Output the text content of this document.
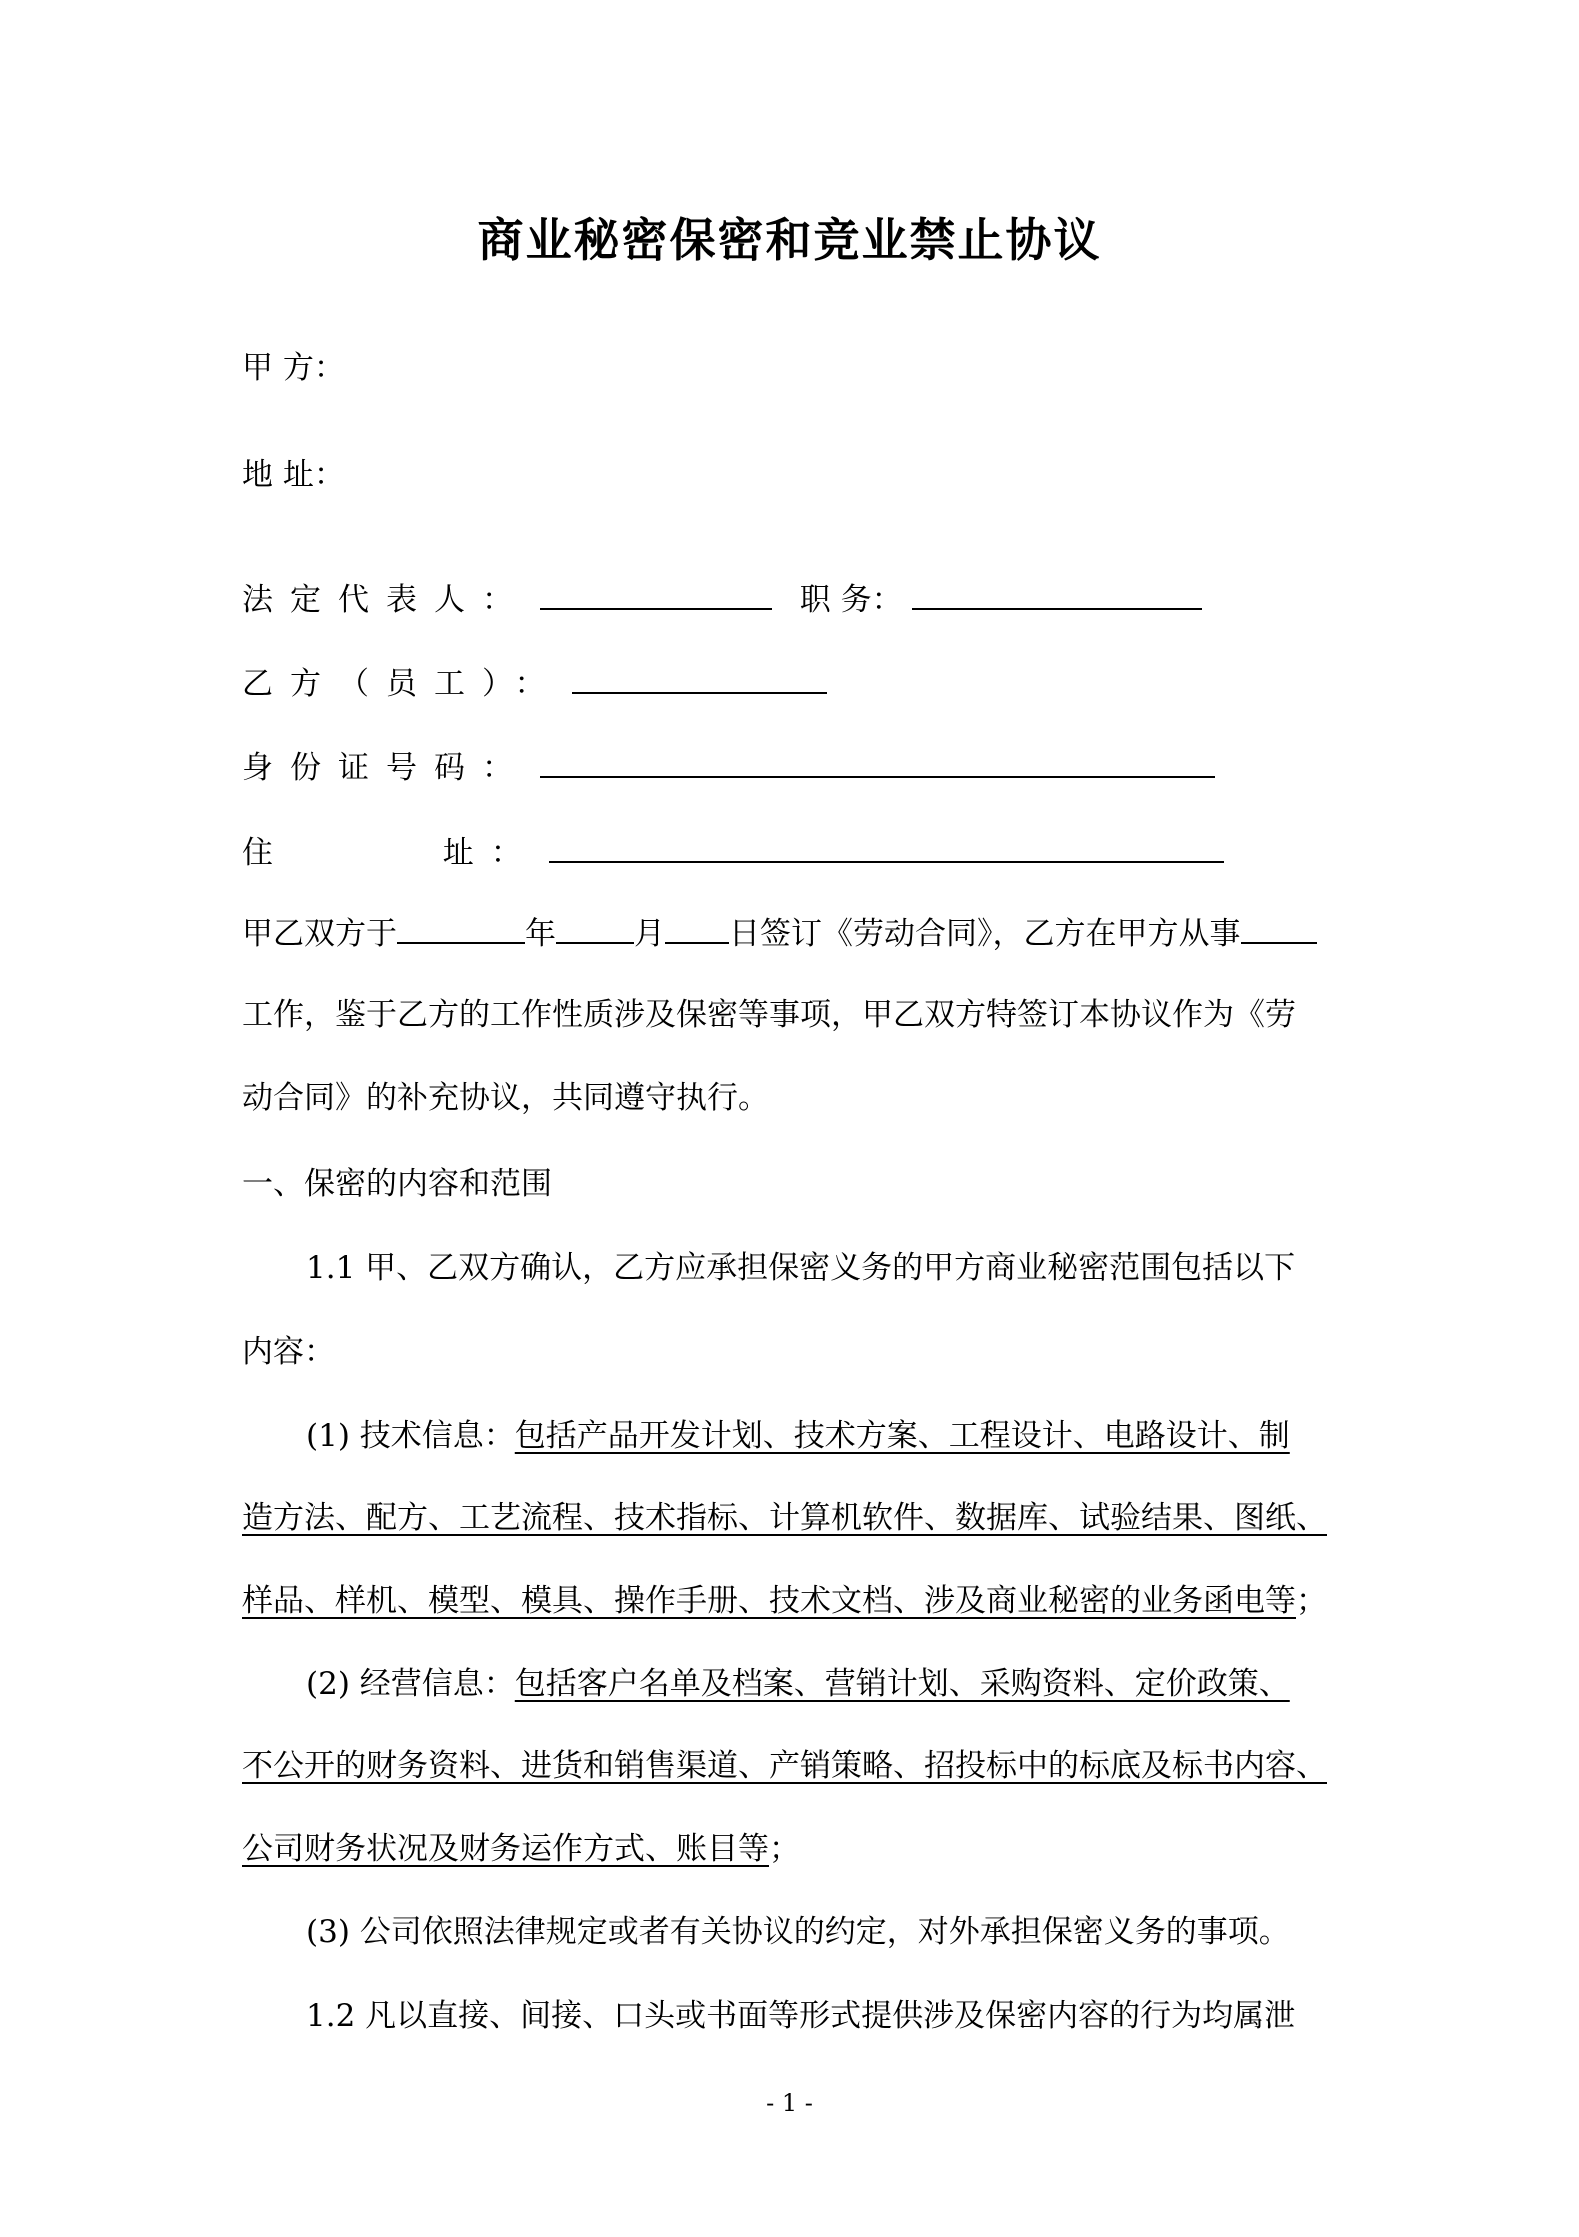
商业秘密保密和竞业禁止协议
甲 方：
地 址：
法定代表人：	职 务：
乙方（员工）：
身份证号码：
住	址：
甲乙双方于	年	月 日签订《劳动合同》，乙方在甲方从事
工作，鉴于乙方的工作性质涉及保密等事项，甲乙双方特签订本协议作为《劳
动合同》的补充协议，共同遵守执行。
一、保密的内容和范围
1.1 甲、乙双方确认，乙方应承担保密义务的甲方商业秘密范围包括以下
内容：
(1) 技术信息：包括产品开发计划、技术方案、工程设计、电路设计、制
造方法、配方、工艺流程、技术指标、计算机软件、数据库、试验结果、图纸、
样品、样机、模型、模具、操作手册、技术文档、涉及商业秘密的业务函电等；
(2) 经营信息：包括客户名单及档案、营销计划、采购资料、定价政策、
不公开的财务资料、进货和销售渠道、产销策略、招投标中的标底及标书内容、
公司财务状况及财务运作方式、账目等；
(3) 公司依照法律规定或者有关协议的约定，对外承担保密义务的事项。
1.2 凡以直接、间接、口头或书面等形式提供涉及保密内容的行为均属泄
- 1 -
